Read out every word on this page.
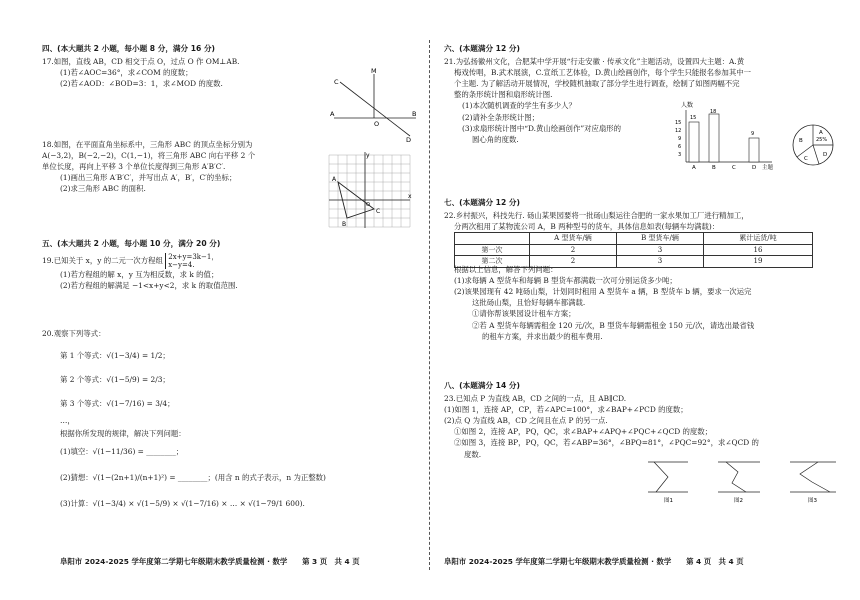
四、(本大题共 2 小题，每小题 8 分，满分 16 分)
17.如图，直线 AB，CD 相交于点 O，过点 O 作 OM⊥AB.
(1)若∠AOC=36°，求∠COM 的度数；
(2)若∠AOD：∠BOD=3：1，求∠MOD 的度数.
M
C
A
O
B
D
18.如图，在平面直角坐标系中，三角形 ABC 的顶点坐标分别为
A(−3,2)，B(−2,−2)，C(1,−1)，将三角形 ABC 向右平移 2 个
单位长度，再向上平移 3 个单位长度得到三角形 A′B′C′.
(1)画出三角形 A′B′C′，并写出点 A′，B′，C′的坐标；
(2)求三角形 ABC 的面积.
y
x
O
A
B
C
五、(本大题共 2 小题，每小题 10 分，满分 20 分)
19.已知关于 x，y 的二元一次方程组 2x+y=3k−1，
x−y=4.
(1)若方程组的解 x，y 互为相反数，求 k 的值；
(2)若方程组的解满足 −1<x+y<2，求 k 的取值范围.
20.观察下列等式：
第 1 个等式：√(1−3/4) = 1/2；
第 2 个等式：√(1−5/9) = 2/3；
第 3 个等式：√(1−7/16) = 3/4；
…，
根据你所发现的规律，解决下列问题：
(1)填空：√(1−11/36) = ________；
(2)猜想：√(1−(2n+1)/(n+1)²) = ________；(用含 n 的式子表示，n 为正整数)
(3)计算：√(1−3/4) × √(1−5/9) × √(1−7/16) × … × √(1−79/1 600).
阜阳市 2024-2025 学年度第二学期七年级期末教学质量检测 · 数学　　第 3 页　共 4 页
六、(本题满分 12 分)
21.为弘扬徽州文化，合肥某中学开展“行走安徽 · 传承文化”主题活动，设置四大主题：A.黄
梅戏传唱，B.武术展演，C.宣纸工艺体验，D.黄山绘画创作，每个学生只能报名参加其中一
个主题. 为了解活动开展情况，学校随机抽取了部分学生进行调查，绘制了如图两幅不完
整的条形统计图和扇形统计图.
(1)本次随机调查的学生有多少人？
(2)请补全条形统计图；
(3)求扇形统计图中“D.黄山绘画创作”对应扇形的
圆心角的度数.
人数
15
12
9
6
3
A	B	C	D
15
18
9
主题
A
25%
B
C
D
七、(本题满分 12 分)
22.乡村振兴，科技先行. 砀山某果园要将一批砀山梨运往合肥的一家水果加工厂进行精加工，
分两次租用了某物流公司 A，B 两种型号的货车，具体信息如表(每辆车均满载)：
	A 型货车/辆	B 型货车/辆	累计运货/吨
第一次	2	3	16
第二次	2	3	19
根据以上信息，解答下列问题：
(1)求每辆 A 型货车和每辆 B 型货车都满载一次可分别运货多少吨；
(2)该果园现有 42 吨砀山梨，计划同时租用 A 型货车 a 辆，B 型货车 b 辆，要求一次运完
这批砀山梨，且恰好每辆车都满载.
①请你帮该果园设计租车方案；
②若 A 型货车每辆需租金 120 元/次，B 型货车每辆需租金 150 元/次，请选出最省钱
的租车方案，并求出最少的租车费用.
八、(本题满分 14 分)
23.已知点 P 为直线 AB，CD 之间的一点，且 AB∥CD.
(1)如图 1，连接 AP，CP，若∠APC=100°，求∠BAP+∠PCD 的度数；
(2)点 Q 为直线 AB，CD 之间且在点 P 的另一点.
①如图 2，连接 AP，PQ，QC，求∠BAP+∠APQ+∠PQC+∠QCD 的度数；
②如图 3，连接 BP，PQ，QC，若∠ABP=36°，∠BPQ=81°，∠PQC=92°，求∠QCD 的
度数.
图1	图2	图3
阜阳市 2024-2025 学年度第二学期七年级期末教学质量检测 · 数学　　第 4 页　共 4 页
